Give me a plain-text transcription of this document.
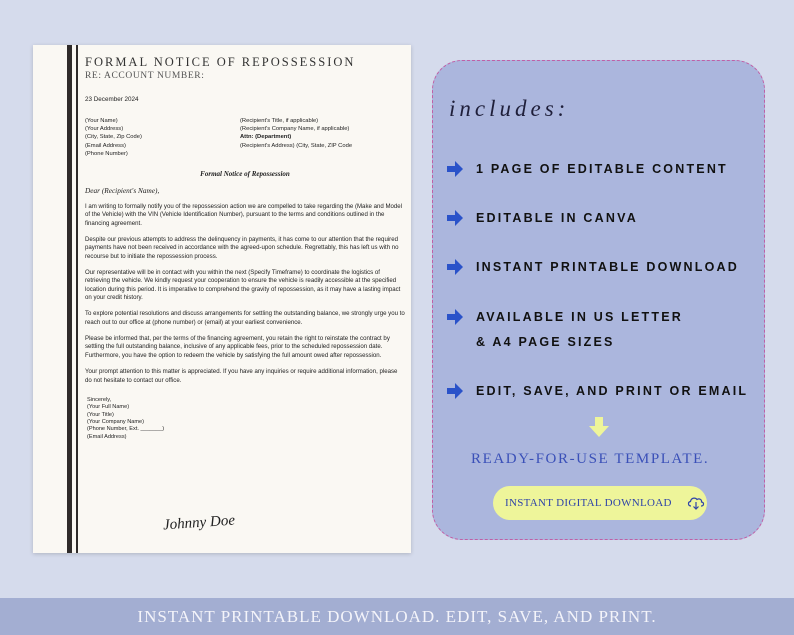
FORMAL NOTICE OF REPOSSESSION
RE: ACCOUNT NUMBER:
23 December 2024
(Your Name)
(Your Address)
(City, State, Zip Code)
(Email Address)
(Phone Number)
(Recipient's Title, if applicable)
(Recipient's Company Name, if applicable)
Attn: (Department)
(Recipient's Address) (City, State, ZIP Code
Formal Notice of Repossession
Dear (Recipient's Name),
I am writing to formally notify you of the repossession action we are compelled to take regarding the (Make and Model of the Vehicle) with the VIN (Vehicle Identification Number), pursuant to the terms and conditions outlined in the financing agreement.
Despite our previous attempts to address the delinquency in payments, it has come to our attention that the required payments have not been received in accordance with the agreed-upon schedule. Regrettably, this has left us with no recourse but to initiate the repossession process.
Our representative will be in contact with you within the next (Specify Timeframe) to coordinate the logistics of retrieving the vehicle. We kindly request your cooperation to ensure the vehicle is readily accessible at the specified location during this period. It is imperative to comprehend the gravity of repossession, as it may have a lasting impact on your credit history.
To explore potential resolutions and discuss arrangements for settling the outstanding balance, we strongly urge you to reach out to our office at (phone number) or (email) at your earliest convenience.
Please be informed that, per the terms of the financing agreement, you retain the right to reinstate the contract by settling the full outstanding balance, inclusive of any applicable fees, prior to the scheduled repossession date. Furthermore, you have the option to redeem the vehicle by satisfying the full amount owed after repossession.
Your prompt attention to this matter is appreciated. If you have any inquiries or require additional information, please do not hesitate to contact our office.
Sincerely,
(Your Full Name)
(Your Title)
(Your Company Name)
(Phone Number, Ext. _______)
(Email Address)
Johnny Doe
includes:
1 PAGE OF EDITABLE CONTENT
EDITABLE IN CANVA
INSTANT PRINTABLE DOWNLOAD
AVAILABLE IN US LETTER
& A4 PAGE SIZES
EDIT, SAVE, AND PRINT OR EMAIL
READY-FOR-USE TEMPLATE.
INSTANT DIGITAL DOWNLOAD
INSTANT PRINTABLE DOWNLOAD. EDIT, SAVE, AND PRINT.
